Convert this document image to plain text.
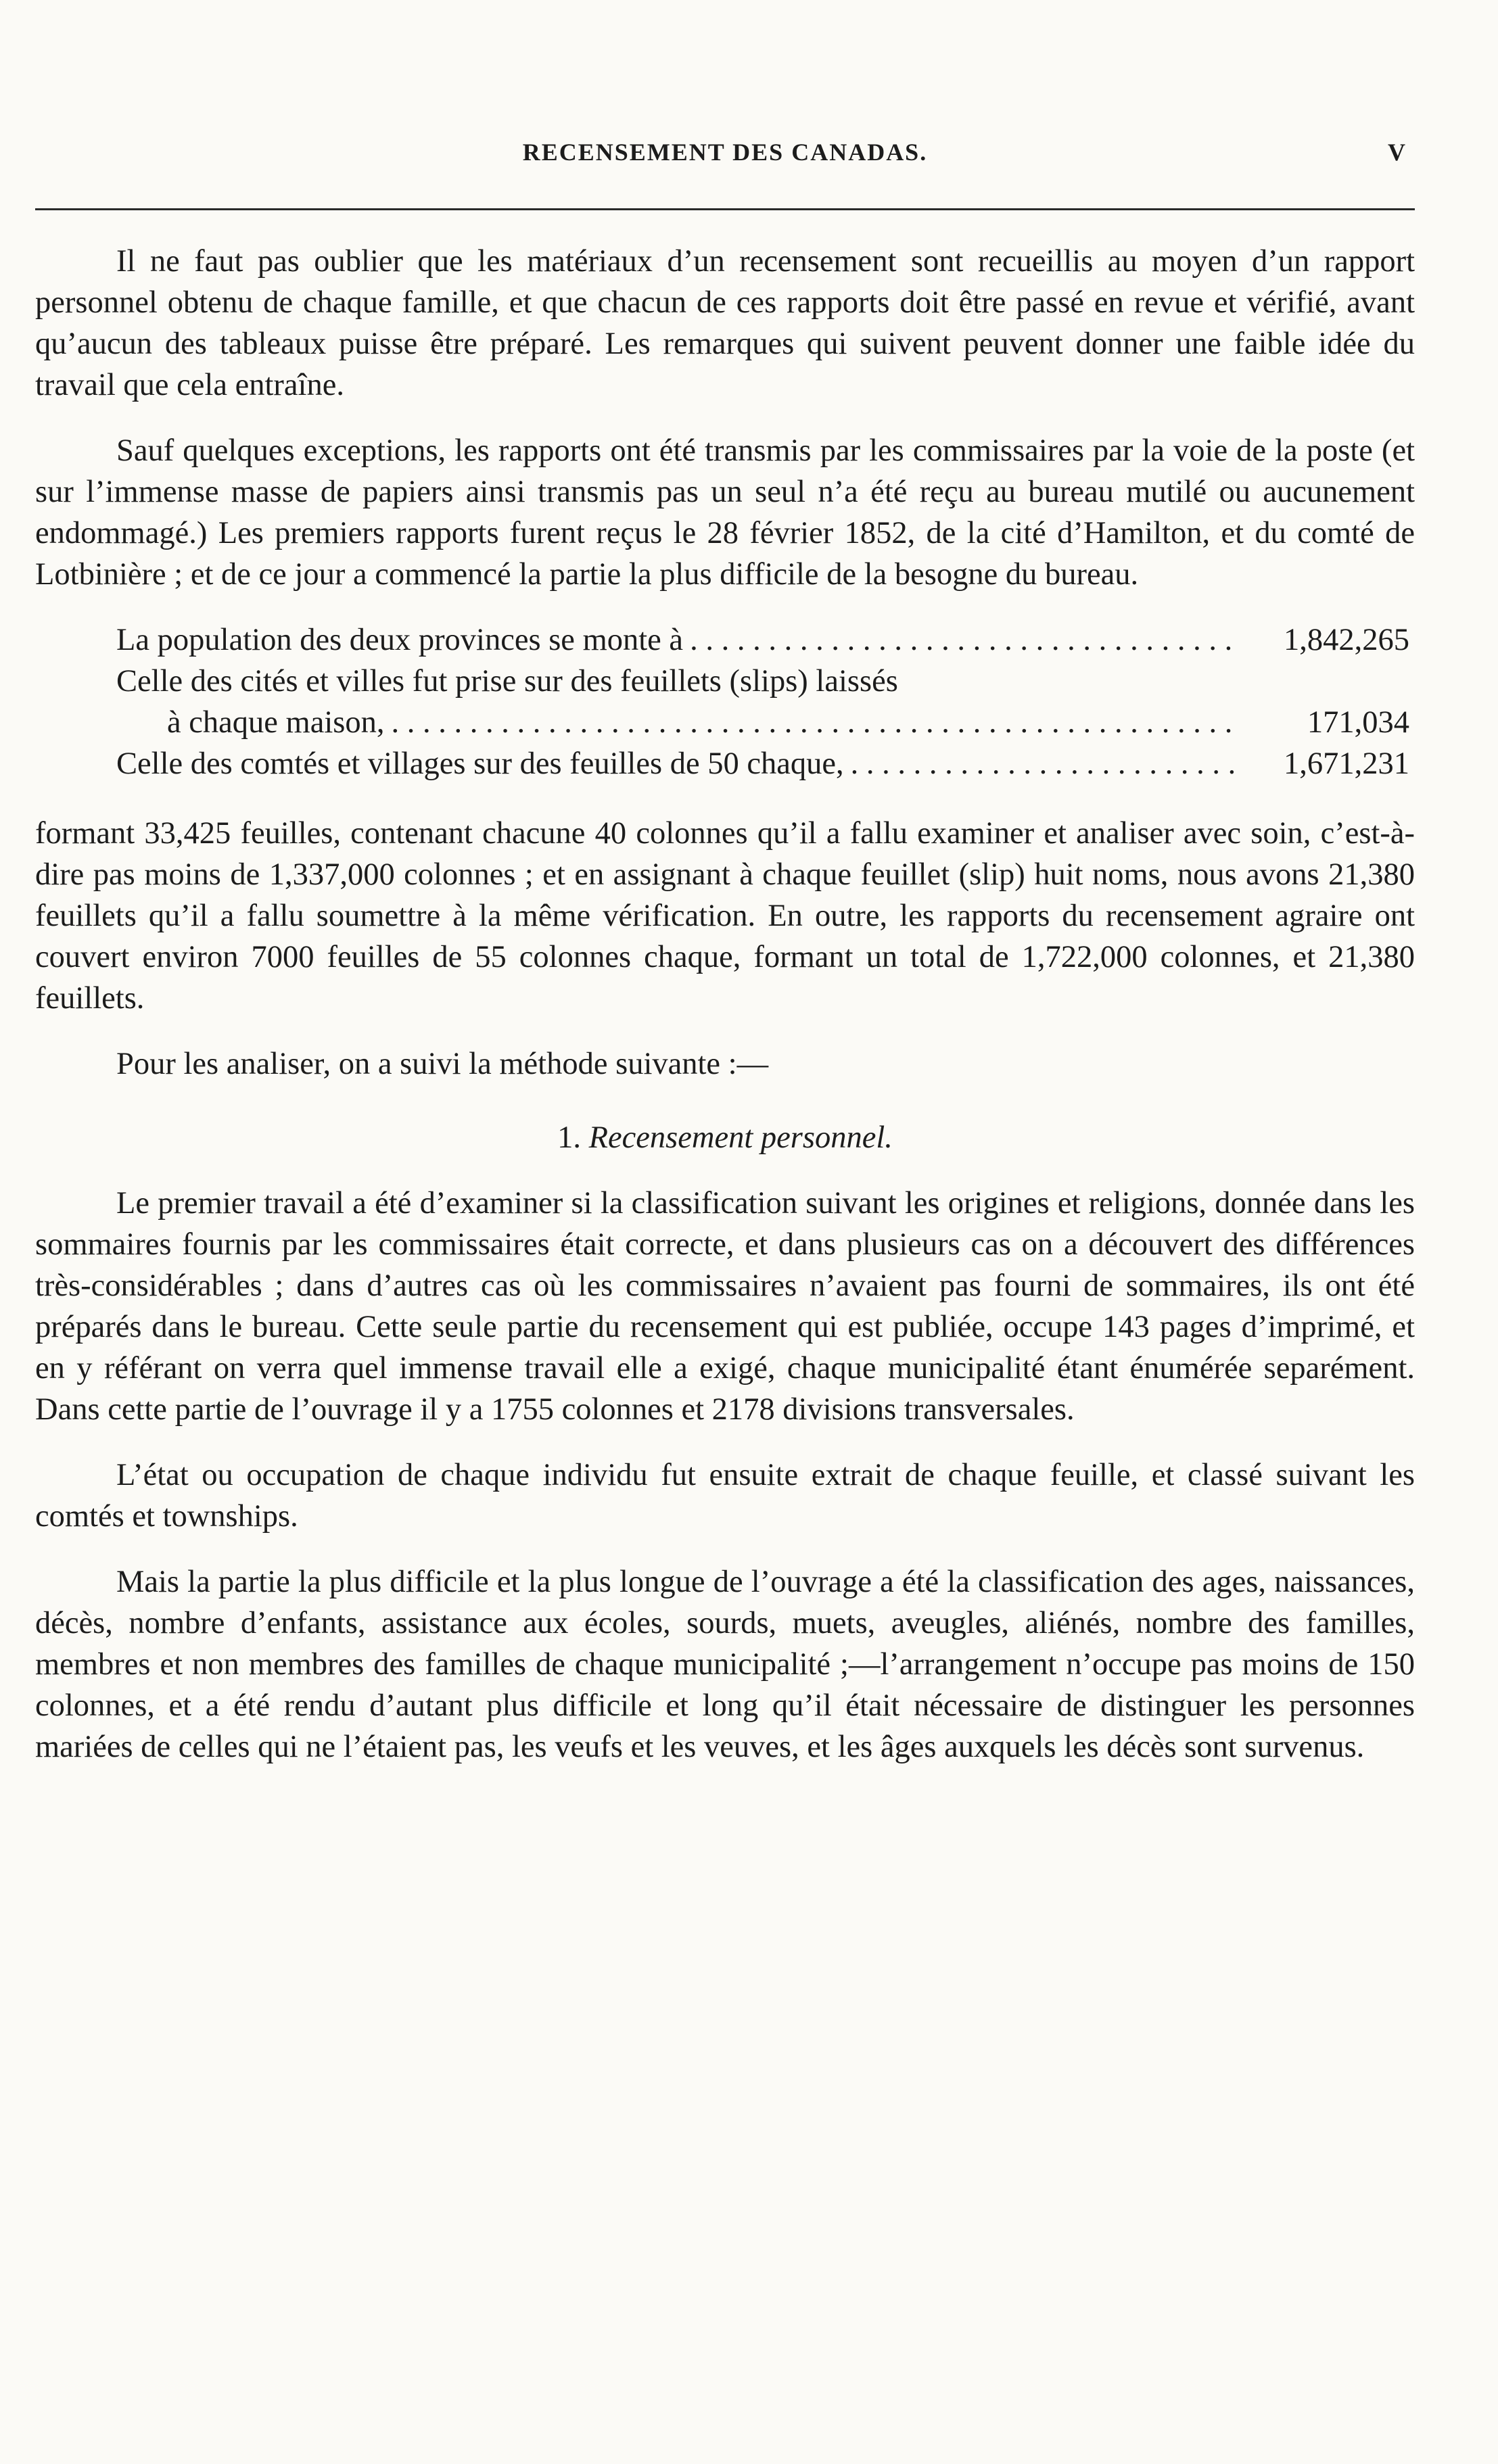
RECENSEMENT DES CANADAS.	V

Il ne faut pas oublier que les matériaux d’un recensement sont recueillis au moyen d’un rapport personnel obtenu de chaque famille, et que chacun de ces rapports doit être passé en revue et vérifié, avant qu’aucun des tableaux puisse être préparé. Les remarques qui suivent peuvent donner une faible idée du travail que cela entraîne.

Sauf quelques exceptions, les rapports ont été transmis par les commissaires par la voie de la poste (et sur l’immense masse de papiers ainsi transmis pas un seul n’a été reçu au bureau mutilé ou aucunement endommagé.) Les premiers rapports furent reçus le 28 février 1852, de la cité d’Hamilton, et du comté de Lotbinière ; et de ce jour a commencé la partie la plus difficile de la besogne du bureau.

La population des deux provinces se monte à . . .	1,842,265
Celle des cités et villes fut prise sur des feuillets (slips) laissés
à chaque maison, . . .	171,034
Celle des comtés et villages sur des feuilles de 50 chaque, . . .	1,671,231

formant 33,425 feuilles, contenant chacune 40 colonnes qu’il a fallu examiner et analiser avec soin, c’est-à-dire pas moins de 1,337,000 colonnes ; et en assignant à chaque feuillet (slip) huit noms, nous avons 21,380 feuillets qu’il a fallu soumettre à la même vérification. En outre, les rapports du recensement agraire ont couvert environ 7000 feuilles de 55 colonnes chaque, formant un total de 1,722,000 colonnes, et 21,380 feuillets.

Pour les analiser, on a suivi la méthode suivante :—

1. Recensement personnel.

Le premier travail a été d’examiner si la classification suivant les origines et religions, donnée dans les sommaires fournis par les commissaires était correcte, et dans plusieurs cas on a découvert des différences très-considérables ; dans d’autres cas où les commissaires n’avaient pas fourni de sommaires, ils ont été préparés dans le bureau. Cette seule partie du recensement qui est publiée, occupe 143 pages d’imprimé, et en y référant on verra quel immense travail elle a exigé, chaque municipalité étant énumérée separément. Dans cette partie de l’ouvrage il y a 1755 colonnes et 2178 divisions transversales.

L’état ou occupation de chaque individu fut ensuite extrait de chaque feuille, et classé suivant les comtés et townships.

Mais la partie la plus difficile et la plus longue de l’ouvrage a été la classification des ages, naissances, décès, nombre d’enfants, assistance aux écoles, sourds, muets, aveugles, aliénés, nombre des familles, membres et non membres des familles de chaque municipalité ;—l’arrangement n’occupe pas moins de 150 colonnes, et a été rendu d’autant plus difficile et long qu’il était nécessaire de distinguer les personnes mariées de celles qui ne l’étaient pas, les veufs et les veuves, et les âges auxquels les décès sont survenus.
